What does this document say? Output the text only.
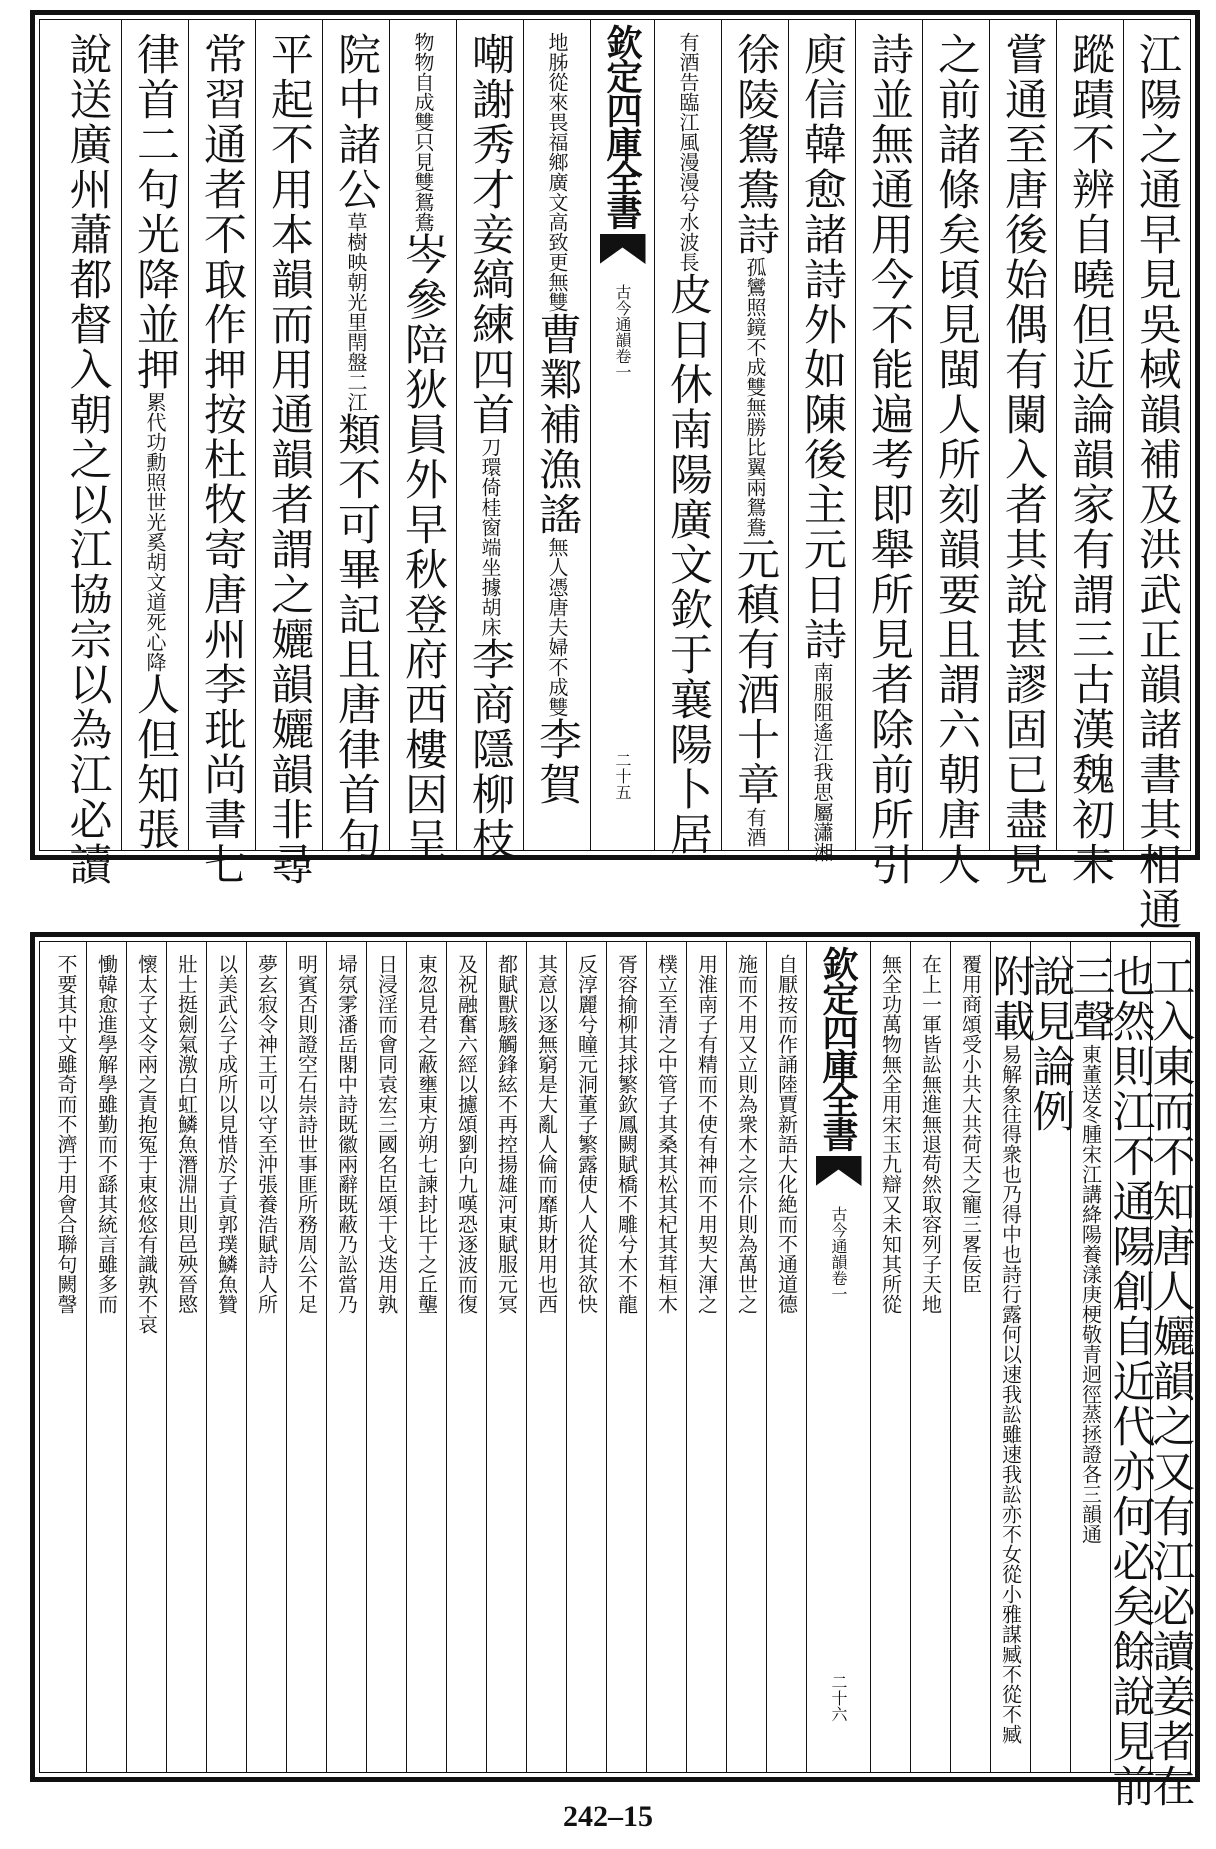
江陽之通早見吳棫韻補及洪武正韻諸書其相通
蹤蹟不辨自曉但近論韻家有謂三古漢魏初未
嘗通至唐後始偶有闌入者其說甚謬固已盡見
之前諸條矣頃見閩人所刻韻要且謂六朝唐人
詩並無通用今不能遍考即舉所見者除前所引
庾信韓愈諸詩外如陳後主元日詩南服阻遙江我思屬瀟湘
徐陵鴛鴦詩孤鸞照鏡不成雙無勝比翼兩鴛鴦元稹有酒十章有酒
有酒告臨江風漫漫兮水波長皮日休南陽廣文欽于襄陽卜居
欽定四庫全書
古今通韻卷一
二十五
地胏從來畏福鄉廣文高致更無雙曹鄴補漁謠無人憑唐夫婦不成雙李賀
嘲謝秀才妾縞練四首刀環倚桂窗端坐據胡床李商隱柳枝
物物自成雙只見雙鴛鴦岑參陪狄員外早秋登府西樓因呈
院中諸公草樹映朝光里閈盤二江類不可畢記且唐律首句
平起不用本韻而用通韻者謂之孋韻孋韻非尋
常習通者不取作押按杜牧寄唐州李玭尚書七
律首二句光降並押累代功勳照世光奚胡文道死心降人但知張
說送廣州蕭都督入朝之以江協宗以為江必讀
工入東而不知唐人孋韻之又有江必讀姜者在
也然則江不通陽創自近代亦何必矣餘說見前
三聲東董送冬腫宋江講絳陽養漾庚梗敬青迥徑蒸拯證各三韻通
說見論例
附載易解象往得衆也乃得中也詩行露何以速我訟雖速我訟亦不女從小雅謀臧不從不臧
覆用商頌受小共大共荷天之寵三畧佞臣
在上一軍皆訟無進無退苟然取容列子天地
無全功萬物無全用宋玉九辯又未知其所從
欽定四庫全書
古今通韻卷一
二十六
自厭按而作誦陸賈新語大化絶而不通道德
施而不用又立則為衆木之宗仆則為萬世之
用淮南子有精而不使有神而不用契大渾之
樸立至清之中管子其桑其松其杞其茸桓木
胥容揄柳其捄繁欽鳳闕賦橋不雕兮木不龍
反淳麗兮瞳元洞董子繁露使人人從其欲快
其意以逐無窮是大亂人倫而靡斯財用也西
都賦獸駭觸鋒絃不再控揚雄河東賦服元冥
及祝融奮六經以攄頌劉向九嘆恐逐波而復
東忽見君之蔽壅東方朔七諫封比干之丘壟
日浸淫而會同袁宏三國名臣頌干戈迭用孰
埽氛雺潘岳閣中詩既徽兩辭既蔽乃訟當乃
明賓否則證空石崇詩世事匪所務周公不足
夢玄寂令神王可以守至沖張養浩賦詩人所
以美武公子成所以見惜於子貢郭璞鱗魚贊
壯士挺劍氣激白虹鱗魚潛淵出則邑殃晉愍
懷太子文令兩之責抱冤于東悠悠有識孰不哀
慟韓愈進學解學雖勤而不繇其統言雖多而
不要其中文雖奇而不濟于用會合聯句闕謦
242–15
